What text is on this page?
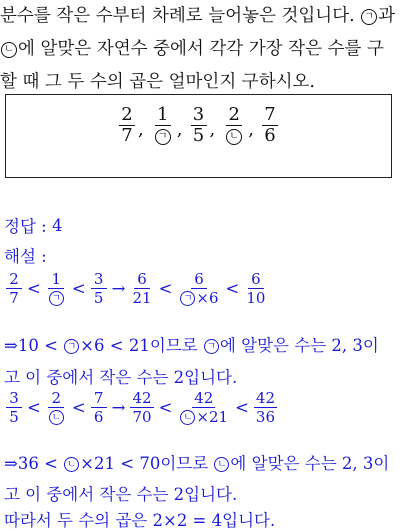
분수를 작은 수부터 차례로 늘어놓은 것입니다. ㄱ 과
ㄴ 에 알맞은 자연수 중에서 각각 가장 작은 수를 구
할 때 그 두 수의 곱은 얼마인지 구하시오.
$\frac{2}{7}$ , $\frac{1}{\text{ㄱ}}$ , $\frac{3}{5}$ , $\frac{2}{\text{ㄴ}}$ , $\frac{7}{6}$
정답 :
4
해설 :
$\frac{2}{7} < \frac{1}{\text{ㄱ}} < \frac{3}{5} \to \frac{6}{21} < \frac{6}{\text{ㄱ ×6}} < \frac{6}{10}$
⇒10 < ㄱ ×6 < 21이므로 ㄱ 에 알맞은 수는 2, 3이
고 이 중에서 작은 수는 2입니다.
$\frac{3}{5} < \frac{2}{\text{ㄴ}} < \frac{7}{6} \to \frac{42}{70} < \frac{42}{\text{ㄴ ×21}} < \frac{42}{36}$
⇒36 < ㄴ ×21 < 70이므로 ㄴ 에 알맞은 수는 2, 3이
고 이 중에서 작은 수는 2입니다.
따라서 두 수의 곱은 2×2 = 4입니다.
